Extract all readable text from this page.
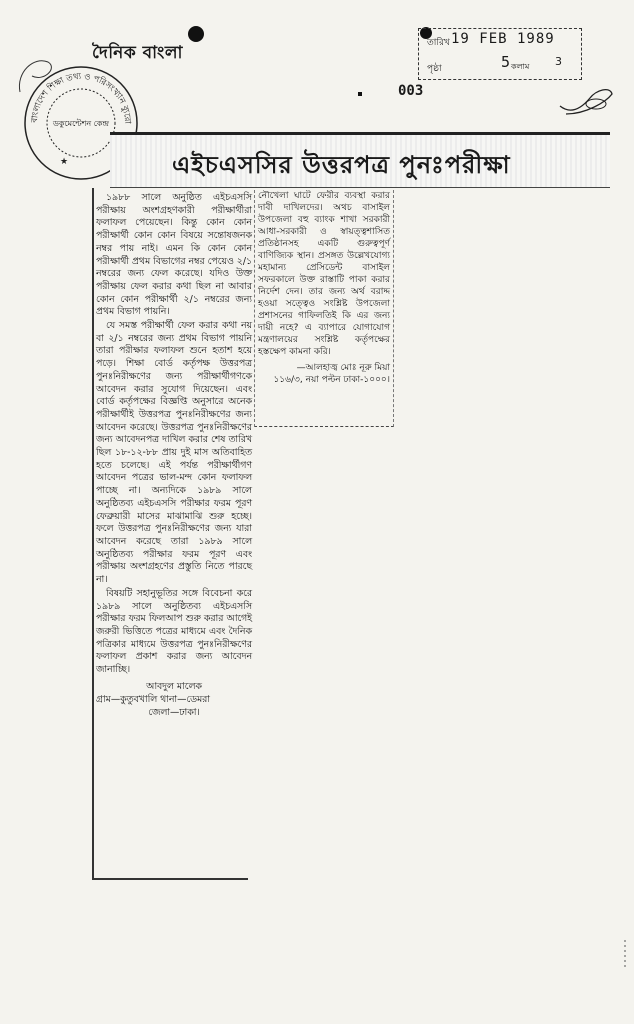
দৈনিক বাংলা	তারিখ 19 FEB 1989
পৃষ্ঠা	5 কলাম 3
003
বাংলাদেশ শিক্ষা তথ্য ও পরিসংখ্যান ব্যুরো
ডকুমেন্টেশন কেন্দ্র
★	এইচএসসির উত্তরপত্র পুনঃপরীক্ষা

১৯৮৮ সালে অনুষ্ঠিত এইচএসসি পরীক্ষায় অংশগ্রহণকারী পরীক্ষার্থীরা ফলাফল পেয়েছেন। কিন্তু কোন কোন পরীক্ষার্থী কোন কোন বিষয়ে সন্তোষজনক নম্বর পায় নাই। এমন কি কোন কোন পরীক্ষার্থী প্রথম বিভাগের নম্বর পেয়েও ২/১ নম্বরের জন্য ফেল করেছে। যদিও উক্ত পরীক্ষায় ফেল করার কথা ছিল না আবার কোন কোন পরীক্ষার্থী ২/১ নম্বরের জন্য প্রথম বিভাগ পায়নি।

যে সমস্ত পরীক্ষার্থী ফেল করার কথা নয় বা ২/১ নম্বরের জন্য প্রথম বিভাগ পায়নি তারা পরীক্ষার ফলাফল শুনে হতাশ হয়ে পড়ে। শিক্ষা বোর্ড কর্তৃপক্ষ উত্তরপত্র পুনঃনিরীক্ষণের জন্য পরীক্ষার্থীগণকে আবেদন করার সুযোগ দিয়েছেন। এবং বোর্ড কর্তৃপক্ষের বিজ্ঞপ্তি অনুসারে অনেক পরীক্ষার্থীই উত্তরপত্র পুনঃনিরীক্ষণের জন্য আবেদন করেছে। উত্তরপত্র পুনঃনিরীক্ষণের জন্য আবেদনপত্র দাখিল করার শেষ তারিখ ছিল ১৮-১২-৮৮ প্রায় দুই মাস অতিবাহিত হতে চলেছে। এই পর্যন্ত পরীক্ষার্থীগণ আবেদন পত্রের ভাল-মন্দ কোন ফলাফল পাচ্ছে না। অন্যদিকে ১৯৮৯ সালে অনুষ্ঠিতব্য এইচএসসি পরীক্ষার ফরম পূরণ ফেব্রুয়ারী মাসের মাঝামাঝি শুরু হচ্ছে। ফলে উত্তরপত্র পুনঃনিরীক্ষণের জন্য যারা আবেদন করেছে তারা ১৯৮৯ সালে অনুষ্ঠিতব্য পরীক্ষার ফরম পূরণ এবং পরীক্ষায় অংশগ্রহণের প্রস্তুতি নিতে পারছে না।

বিষয়টি সহানুভূতির সঙ্গে বিবেচনা করে ১৯৮৯ সালে অনুষ্ঠিতব্য এইচএসসি পরীক্ষার ফরম ফিলআপ শুরু করার আগেই জরুরী ভিত্তিতে পত্রের মাধ্যমে এবং দৈনিক পত্রিকার মাধ্যমে উত্তরপত্র পুনঃনিরীক্ষণের ফলাফল প্রকাশ করার জন্য আবেদন জানাচ্ছি।

আবদুল মালেক
গ্রাম—কুতুবখালি থানা—ডেমরা
জেলা—ঢাকা।
নৌখেলা ঘাটে ফেরীর ব্যবস্থা করার দাবী দাখিলদের। অথচ বাসাইল উপজেলা বহু ব্যাংক শাখা সরকারী আধা-সরকারী ও স্বায়ত্ত্বশাসিত প্রতিষ্ঠানসহ একটি গুরুত্বপূর্ণ বাণিজ্যিক স্থান। প্রসঙ্গত উল্লেখযোগ্য মহামান্য প্রেসিডেন্ট বাসাইল সফরকালে উক্ত রাস্তাটি পাকা করার নির্দেশ দেন। তার জন্য অর্থ বরাদ্দ হওয়া সত্ত্বেও সংশ্লিষ্ট উপজেলা প্রশাসনের গাফিলতিই কি এর জন্য দায়ী নহে? এ ব্যাপারে যোগাযোগ মন্ত্রণালয়ের সংশ্লিষ্ট কর্তৃপক্ষের হস্তক্ষেপ কামনা করি।
—আলহাজ্ব মোঃ নূরু মিয়া
১১৬/৩, নয়া পল্টন ঢাকা-১০০০।
